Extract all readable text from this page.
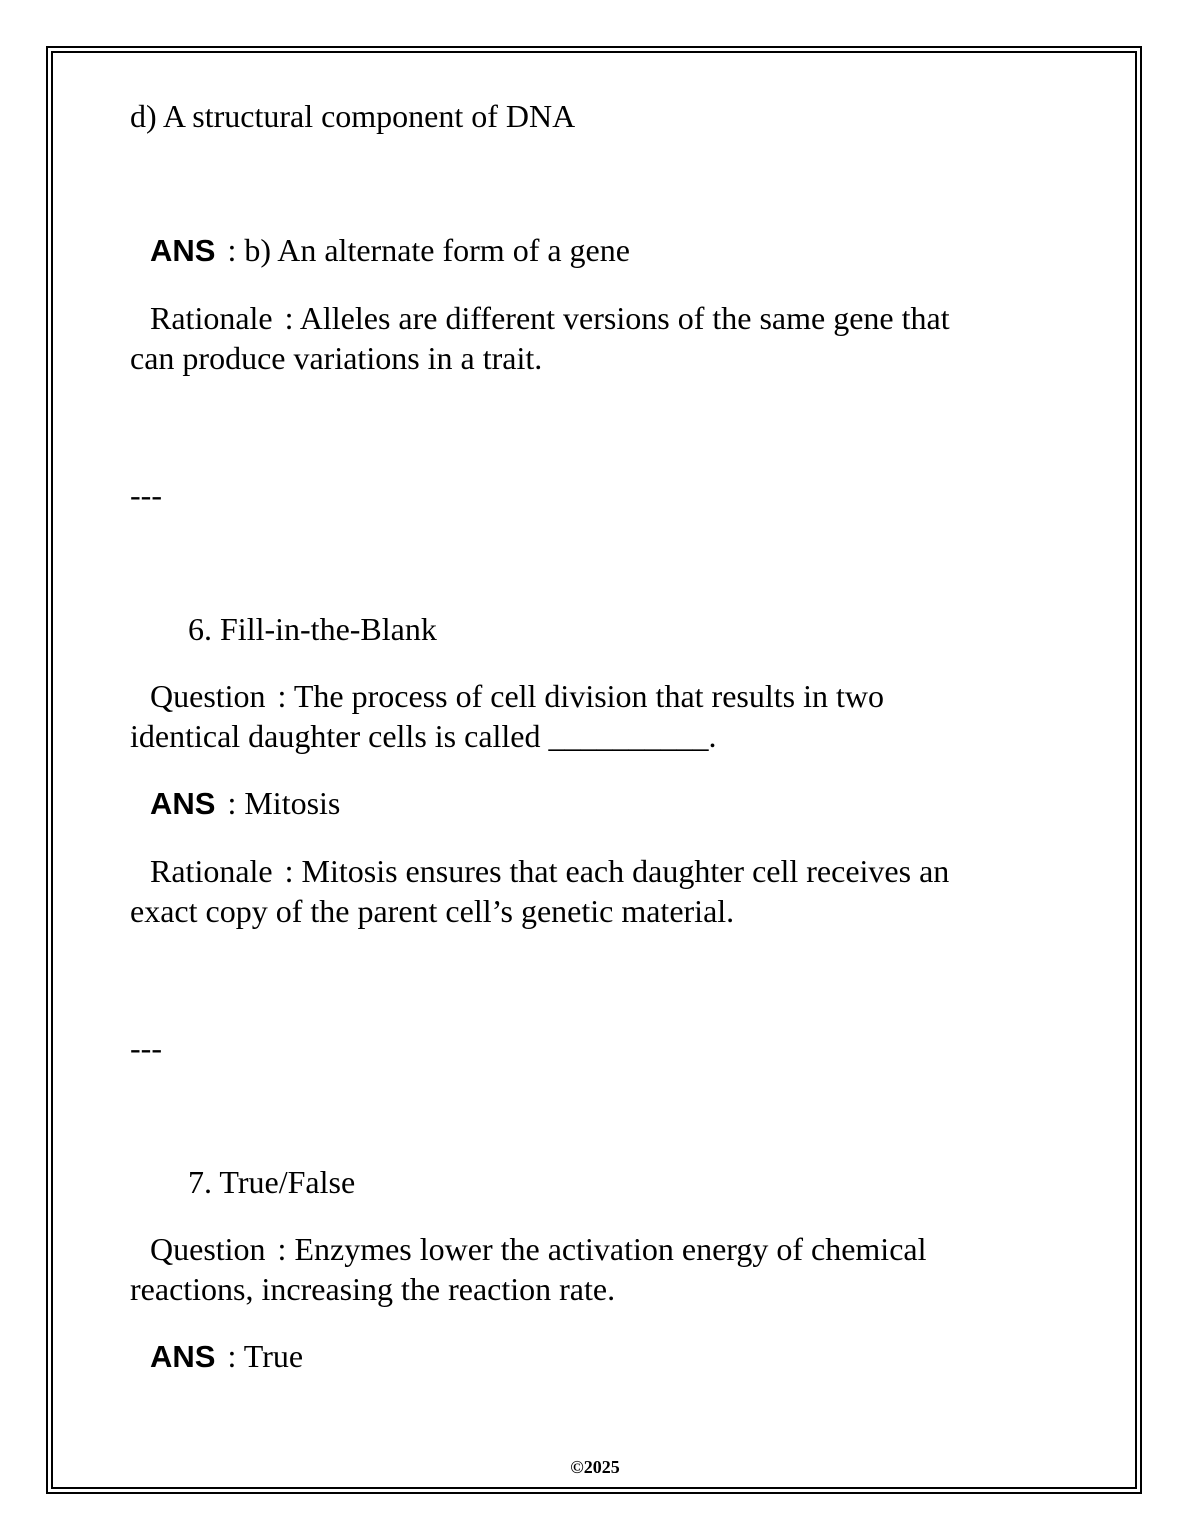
d) A structural component of DNA

ANS : b) An alternate form of a gene

Rationale : Alleles are different versions of the same gene that

can produce variations in a trait.

---

6. Fill-in-the-Blank

Question : The process of cell division that results in two

identical daughter cells is called __________.

ANS : Mitosis

Rationale : Mitosis ensures that each daughter cell receives an

exact copy of the parent cell’s genetic material.

---

7. True/False

Question : Enzymes lower the activation energy of chemical

reactions, increasing the reaction rate.

ANS : True

©2025
